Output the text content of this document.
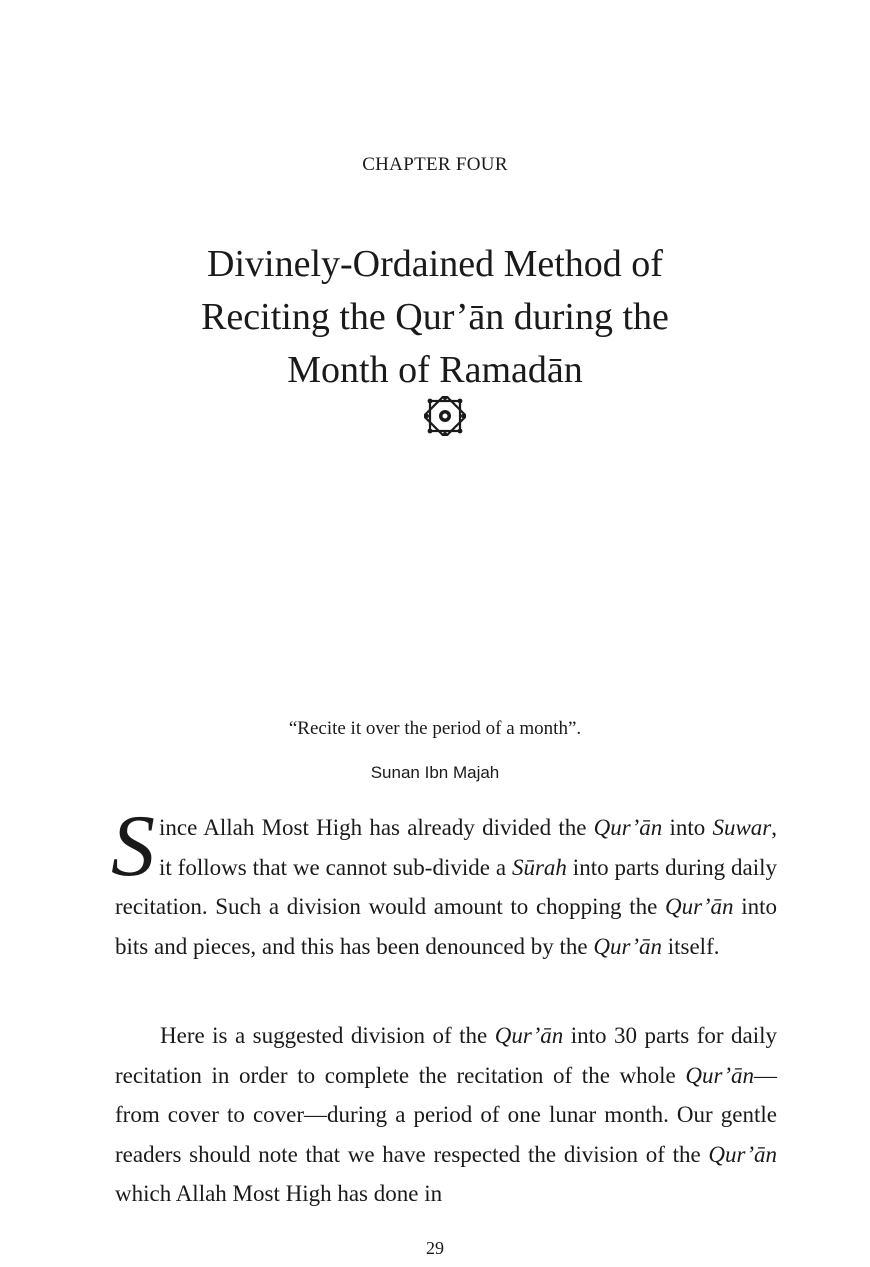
CHAPTER FOUR
Divinely-Ordained Method of
Reciting the Qur’ān during the
Month of Ramadān
“Recite it over the period of a month”.
Sunan Ibn Majah

Since Allah Most High has already divided the Qur’ān into Suwar, it follows that we cannot sub-divide a Sūrah into parts during daily recitation. Such a division would amount to chopping the Qur’ān into bits and pieces, and this has been denounced by the Qur’ān itself.

Here is a suggested division of the Qur’ān into 30 parts for daily recitation in order to complete the recitation of the whole Qur’ān—from cover to cover—during a period of one lunar month. Our gentle readers should note that we have respected the division of the Qur’ān which Allah Most High has done in

29
